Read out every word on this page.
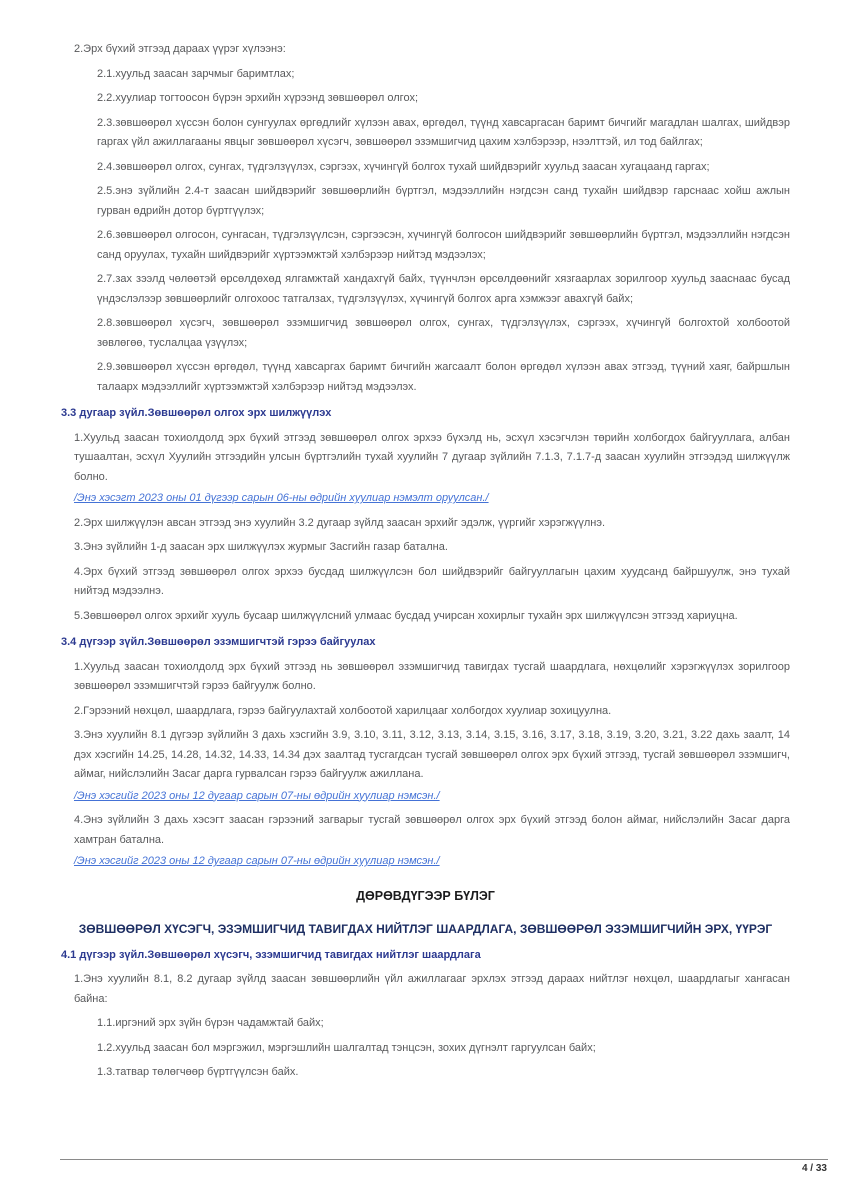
2.Эрх бүхий этгээд дараах үүрэг хүлээнэ:
2.1.хуульд заасан зарчмыг баримтлах;
2.2.хуулиар тогтоосон бүрэн эрхийн хүрээнд зөвшөөрөл олгох;
2.3.зөвшөөрөл хүссэн болон сунгуулах өргөдлийг хүлээн авах, өргөдөл, түүнд хавсаргасан баримт бичгийг магадлан шалгах, шийдвэр гаргах үйл ажиллагааны явцыг зөвшөөрөл хүсэгч, зөвшөөрөл эзэмшигчид цахим хэлбэрээр, нээлттэй, ил тод байлгах;
2.4.зөвшөөрөл олгох, сунгах, түдгэлзүүлэх, сэргээх, хүчингүй болгох тухай шийдвэрийг хуульд заасан хугацаанд гаргах;
2.5.энэ зүйлийн 2.4-т заасан шийдвэрийг зөвшөөрлийн бүртгэл, мэдээллийн нэгдсэн санд тухайн шийдвэр гарснаас хойш ажлын гурван өдрийн дотор бүртгүүлэх;
2.6.зөвшөөрөл олгосон, сунгасан, түдгэлзүүлсэн, сэргээсэн, хүчингүй болгосон шийдвэрийг зөвшөөрлийн бүртгэл, мэдээллийн нэгдсэн санд оруулах, тухайн шийдвэрийг хүртээмжтэй хэлбэрээр нийтэд мэдээлэх;
2.7.зах зээлд чөлөөтэй өрсөлдөхөд ялгамжтай хандахгүй байх, түүнчлэн өрсөлдөөнийг хязгаарлах зорилгоор хуульд зааснаас бусад үндэслэлээр зөвшөөрлийг олгохоос татгалзах, түдгэлзүүлэх, хүчингүй болгох арга хэмжээг авахгүй байх;
2.8.зөвшөөрөл хүсэгч, зөвшөөрөл эзэмшигчид зөвшөөрөл олгох, сунгах, түдгэлзүүлэх, сэргээх, хүчингүй болгохтой холбоотой зөвлөгөө, туслалцаа үзүүлэх;
2.9.зөвшөөрөл хүссэн өргөдөл, түүнд хавсаргах баримт бичгийн жагсаалт болон өргөдөл хүлээн авах этгээд, түүний хаяг, байршлын талаарх мэдээллийг хүртээмжтэй хэлбэрээр нийтэд мэдээлэх.
3.3 дугаар зүйл.Зөвшөөрөл олгох эрх шилжүүлэх
1.Хуульд заасан тохиолдолд эрх бүхий этгээд зөвшөөрөл олгох эрхээ бүхэлд нь, эсхүл хэсэгчлэн төрийн холбогдох байгууллага, албан тушаалтан, эсхүл Хуулийн этгээдийн улсын бүртгэлийн тухай хуулийн 7 дугаар зүйлийн 7.1.3, 7.1.7-д заасан хуулийн этгээдэд шилжүүлж болно.
/Энэ хэсэгт 2023 оны 01 дүгээр сарын 06-ны өдрийн хуулиар нэмэлт оруулсан./
2.Эрх шилжүүлэн авсан этгээд энэ хуулийн 3.2 дугаар зүйлд заасан эрхийг эдэлж, үүргийг хэрэгжүүлнэ.
3.Энэ зүйлийн 1-д заасан эрх шилжүүлэх журмыг Засгийн газар батална.
4.Эрх бүхий этгээд зөвшөөрөл олгох эрхээ бусдад шилжүүлсэн бол шийдвэрийг байгууллагын цахим хуудсанд байршуулж, энэ тухай нийтэд мэдээлнэ.
5.Зөвшөөрөл олгох эрхийг хууль бусаар шилжүүлсний улмаас бусдад учирсан хохирлыг тухайн эрх шилжүүлсэн этгээд хариуцна.
3.4 дүгээр зүйл.Зөвшөөрөл эзэмшигчтэй гэрээ байгуулах
1.Хуульд заасан тохиолдолд эрх бүхий этгээд нь зөвшөөрөл эзэмшигчид тавигдах тусгай шаардлага, нөхцөлийг хэрэгжүүлэх зорилгоор зөвшөөрөл эзэмшигчтэй гэрээ байгуулж болно.
2.Гэрээний нөхцөл, шаардлага, гэрээ байгуулахтай холбоотой харилцааг холбогдох хуулиар зохицуулна.
3.Энэ хуулийн 8.1 дүгээр зүйлийн 3 дахь хэсгийн 3.9, 3.10, 3.11, 3.12, 3.13, 3.14, 3.15, 3.16, 3.17, 3.18, 3.19, 3.20, 3.21, 3.22 дахь заалт, 14 дэх хэсгийн 14.25, 14.28, 14.32, 14.33, 14.34 дэх заалтад тусгагдсан тусгай зөвшөөрөл олгох эрх бүхий этгээд, тусгай зөвшөөрөл эзэмшигч, аймаг, нийслэлийн Засаг дарга гурвалсан гэрээ байгуулж ажиллана.
/Энэ хэсгийг 2023 оны 12 дугаар сарын 07-ны өдрийн хуулиар нэмсэн./
4.Энэ зүйлийн 3 дахь хэсэгт заасан гэрээний загварыг тусгай зөвшөөрөл олгох эрх бүхий этгээд болон аймаг, нийслэлийн Засаг дарга хамтран батална.
/Энэ хэсгийг 2023 оны 12 дугаар сарын 07-ны өдрийн хуулиар нэмсэн./
ДӨРӨВДҮГЭЭР БҮЛЭГ
ЗӨВШӨӨРӨЛ ХҮСЭГЧ, ЭЗЭМШИГЧИД ТАВИГДАХ НИЙТЛЭГ ШААРДЛАГА, ЗӨВШӨӨРӨЛ ЭЗЭМШИГЧИЙН ЭРХ, ҮҮРЭГ
4.1 дүгээр зүйл.Зөвшөөрөл хүсэгч, эзэмшигчид тавигдах нийтлэг шаардлага
1.Энэ хуулийн 8.1, 8.2 дугаар зүйлд заасан зөвшөөрлийн үйл ажиллагааг эрхлэх этгээд дараах нийтлэг нөхцөл, шаардлагыг хангасан байна:
1.1.иргэний эрх зүйн бүрэн чадамжтай байх;
1.2.хуульд заасан бол мэргэжил, мэргэшлийн шалгалтад тэнцсэн, зохих дүгнэлт гаргуулсан байх;
1.3.татвар төлөгчөөр бүртгүүлсэн байх.
4 / 33
